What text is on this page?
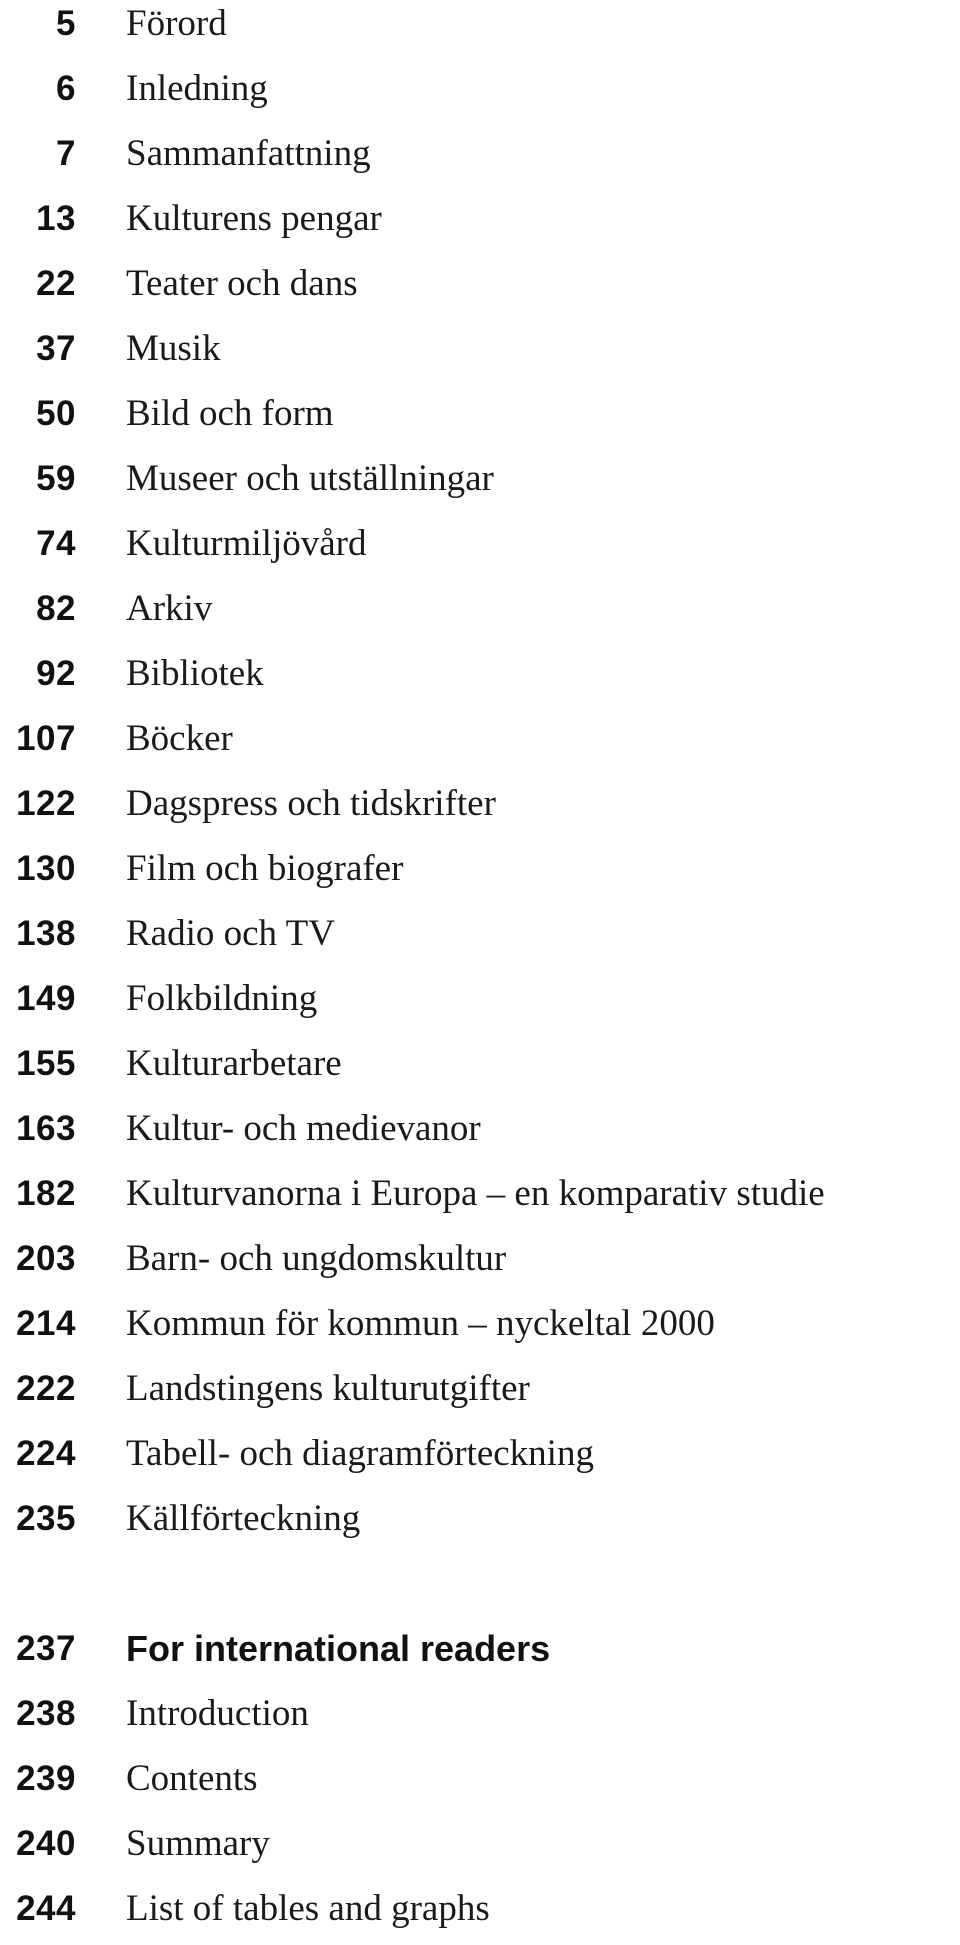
5 Förord
6 Inledning
7 Sammanfattning
13 Kulturens pengar
22 Teater och dans
37 Musik
50 Bild och form
59 Museer och utställningar
74 Kulturmiljövård
82 Arkiv
92 Bibliotek
107 Böcker
122 Dagspress och tidskrifter
130 Film och biografer
138 Radio och TV
149 Folkbildning
155 Kulturarbetare
163 Kultur- och medievanor
182 Kulturvanorna i Europa – en komparativ studie
203 Barn- och ungdomskultur
214 Kommun för kommun – nyckeltal 2000
222 Landstingens kulturutgifter
224 Tabell- och diagramförteckning
235 Källförteckning
237 For international readers
238 Introduction
239 Contents
240 Summary
244 List of tables and graphs
